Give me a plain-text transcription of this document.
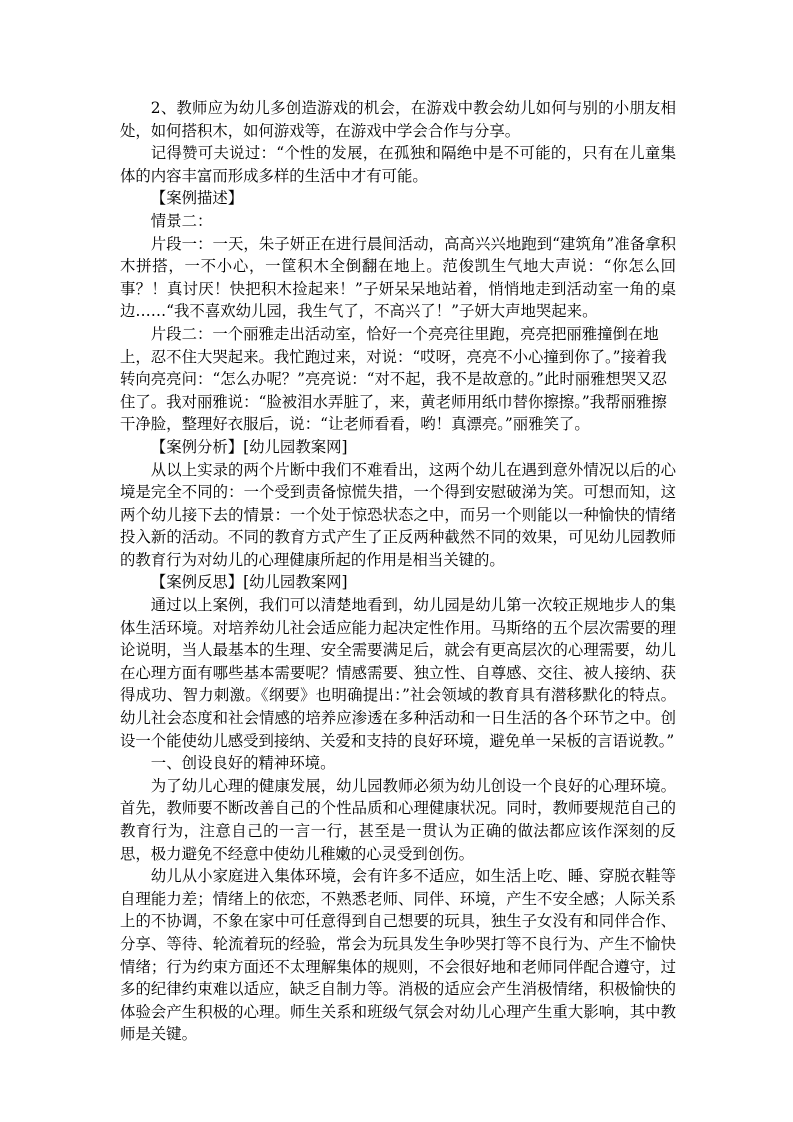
2、教师应为幼儿多创造游戏的机会，在游戏中教会幼儿如何与别的小朋友相处，如何搭积木，如何游戏等，在游戏中学会合作与分享。

记得赞可夫说过：“个性的发展，在孤独和隔绝中是不可能的，只有在儿童集体的内容丰富而形成多样的生活中才有可能。

【案例描述】

情景二：

片段一：一天，朱子妍正在进行晨间活动，高高兴兴地跑到“建筑角”准备拿积木拼搭，一不小心，一筐积木全倒翻在地上。范俊凯生气地大声说：“你怎么回事？！真讨厌！快把积木捡起来！”子妍呆呆地站着，悄悄地走到活动室一角的桌边……“我不喜欢幼儿园，我生气了，不高兴了！”子妍大声地哭起来。

片段二：一个丽雅走出活动室，恰好一个亮亮往里跑，亮亮把丽雅撞倒在地上，忍不住大哭起来。我忙跑过来，对说：“哎呀，亮亮不小心撞到你了。”接着我转向亮亮问：“怎么办呢？”亮亮说：“对不起，我不是故意的。”此时丽雅想哭又忍住了。我对丽雅说：“脸被泪水弄脏了，来，黄老师用纸巾替你擦擦。”我帮丽雅擦干净脸，整理好衣服后，说：“让老师看看，哟！真漂亮。”丽雅笑了。

【案例分析】[幼儿园教案网]

从以上实录的两个片断中我们不难看出，这两个幼儿在遇到意外情况以后的心境是完全不同的：一个受到责备惊慌失措，一个得到安慰破涕为笑。可想而知，这两个幼儿接下去的情景：一个处于惊恐状态之中，而另一个则能以一种愉快的情绪投入新的活动。不同的教育方式产生了正反两种截然不同的效果，可见幼儿园教师的教育行为对幼儿的心理健康所起的作用是相当关键的。

【案例反思】[幼儿园教案网]

通过以上案例，我们可以清楚地看到，幼儿园是幼儿第一次较正规地步人的集体生活环境。对培养幼儿社会适应能力起决定性作用。马斯络的五个层次需要的理论说明，当人最基本的生理、安全需要满足后，就会有更高层次的心理需要，幼儿在心理方面有哪些基本需要呢？情感需要、独立性、自尊感、交往、被人接纳、获得成功、智力刺激。《纲要》也明确提出：”社会领域的教育具有潜移默化的特点。幼儿社会态度和社会情感的培养应渗透在多种活动和一日生活的各个环节之中。创设一个能使幼儿感受到接纳、关爱和支持的良好环境，避免单一呆板的言语说教。”

一、创设良好的精神环境。

为了幼儿心理的健康发展，幼儿园教师必须为幼儿创设一个良好的心理环境。首先，教师要不断改善自己的个性品质和心理健康状况。同时，教师要规范自己的教育行为，注意自己的一言一行，甚至是一贯认为正确的做法都应该作深刻的反思，极力避免不经意中使幼儿稚嫩的心灵受到创伤。

幼儿从小家庭进入集体环境，会有许多不适应，如生活上吃、睡、穿脱衣鞋等自理能力差；情绪上的依恋，不熟悉老师、同伴、环境，产生不安全感；人际关系上的不协调，不象在家中可任意得到自己想要的玩具，独生子女没有和同伴合作、分享、等待、轮流着玩的经验，常会为玩具发生争吵哭打等不良行为、产生不愉快情绪；行为约束方面还不太理解集体的规则，不会很好地和老师同伴配合遵守，过多的纪律约束难以适应，缺乏自制力等。消极的适应会产生消极情绪，积极愉快的体验会产生积极的心理。师生关系和班级气氛会对幼儿心理产生重大影响，其中教师是关键。
